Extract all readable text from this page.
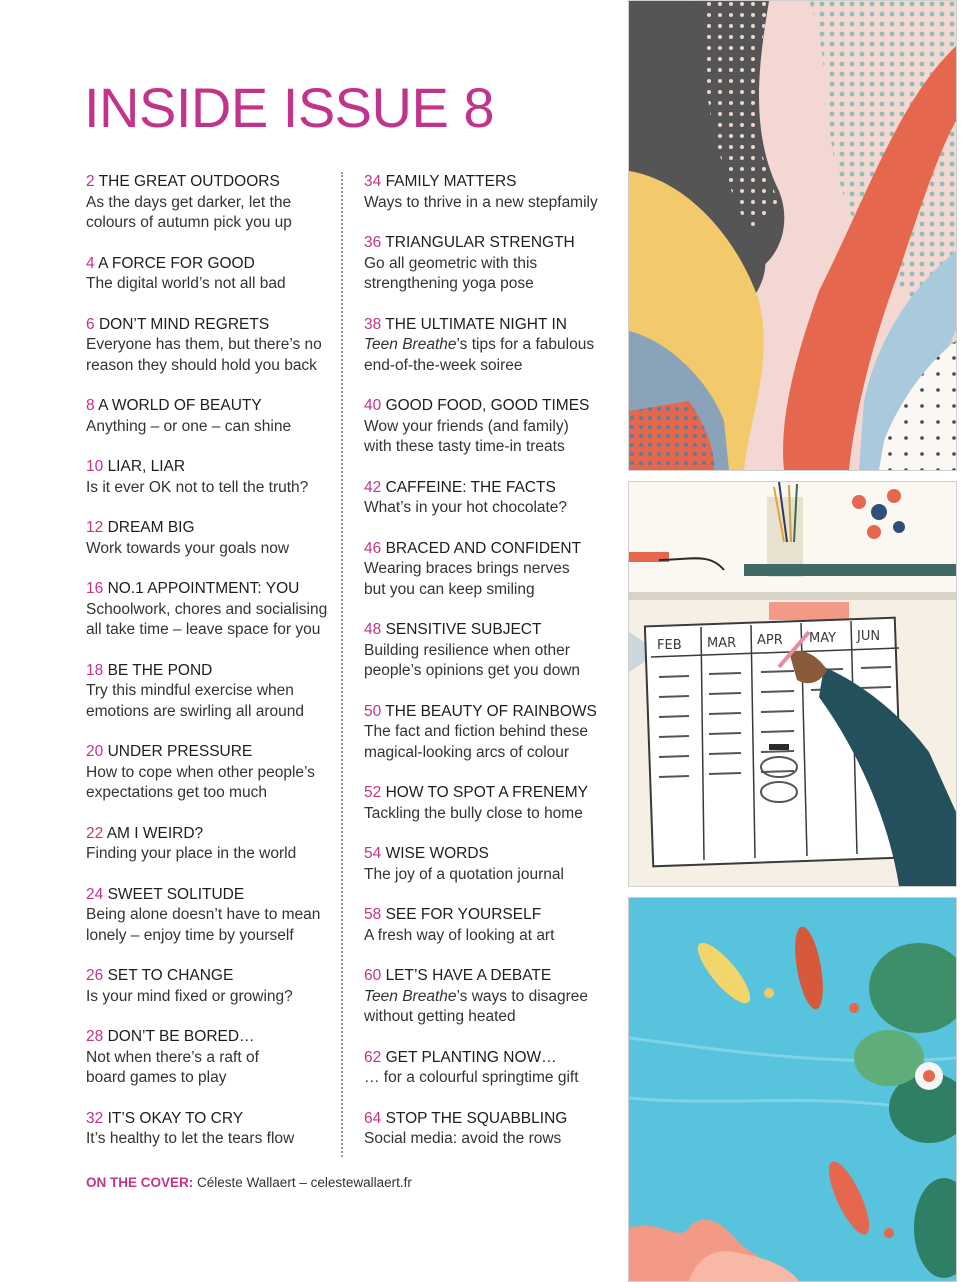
INSIDE ISSUE 8
2 THE GREAT OUTDOORS
As the days get darker, let the
colours of autumn pick you up
4 A FORCE FOR GOOD
The digital world’s not all bad
6 DON’T MIND REGRETS
Everyone has them, but there’s no
reason they should hold you back
8 A WORLD OF BEAUTY
Anything – or one – can shine
10 LIAR, LIAR
Is it ever OK not to tell the truth?
12 DREAM BIG
Work towards your goals now
16 NO.1 APPOINTMENT: YOU
Schoolwork, chores and socialising
all take time – leave space for you
18 BE THE POND
Try this mindful exercise when
emotions are swirling all around
20 UNDER PRESSURE
How to cope when other people’s
expectations get too much
22 AM I WEIRD?
Finding your place in the world
24 SWEET SOLITUDE
Being alone doesn’t have to mean
lonely – enjoy time by yourself
26 SET TO CHANGE
Is your mind fixed or growing?
28 DON’T BE BORED…
Not when there’s a raft of
board games to play
32 IT’S OKAY TO CRY
It’s healthy to let the tears flow
34 FAMILY MATTERS
Ways to thrive in a new stepfamily
36 TRIANGULAR STRENGTH
Go all geometric with this
strengthening yoga pose
38 THE ULTIMATE NIGHT IN
Teen Breathe’s tips for a fabulous
end-of-the-week soiree
40 GOOD FOOD, GOOD TIMES
Wow your friends (and family)
with these tasty time-in treats
42 CAFFEINE: THE FACTS
What’s in your hot chocolate?
46 BRACED AND CONFIDENT
Wearing braces brings nerves
but you can keep smiling
48 SENSITIVE SUBJECT
Building resilience when other
people’s opinions get you down
50 THE BEAUTY OF RAINBOWS
The fact and fiction behind these
magical-looking arcs of colour
52 HOW TO SPOT A FRENEMY
Tackling the bully close to home
54 WISE WORDS
The joy of a quotation journal
58 SEE FOR YOURSELF
A fresh way of looking at art
60 LET’S HAVE A DEBATE
Teen Breathe’s ways to disagree
without getting heated
62 GET PLANTING NOW…
… for a colourful springtime gift
64 STOP THE SQUABBLING
Social media: avoid the rows
ON THE COVER: Céleste Wallaert – celestewallaert.fr
FEB MAR APR MAY JUN
